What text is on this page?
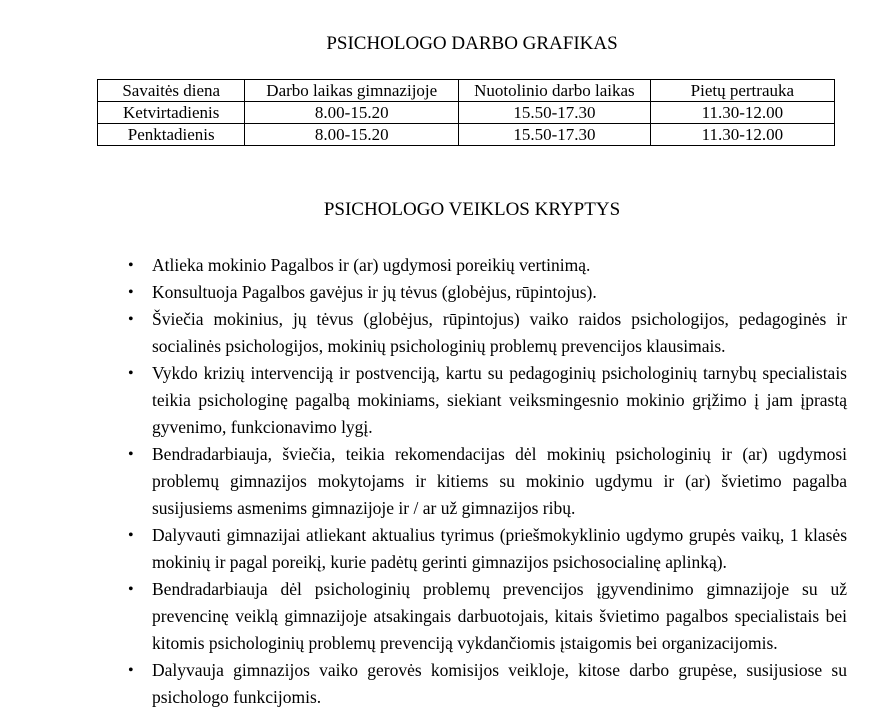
PSICHOLOGO DARBO GRAFIKAS
Savaitės diena	Darbo laikas gimnazijoje	Nuotolinio darbo laikas	Pietų pertrauka
Ketvirtadienis	8.00-15.20	15.50-17.30	11.30-12.00
Penktadienis	8.00-15.20	15.50-17.30	11.30-12.00
PSICHOLOGO VEIKLOS KRYPTYS
• Atlieka mokinio Pagalbos ir (ar) ugdymosi poreikių vertinimą.
• Konsultuoja Pagalbos gavėjus ir jų tėvus (globėjus, rūpintojus).
• Šviečia mokinius, jų tėvus (globėjus, rūpintojus) vaiko raidos psichologijos, pedagoginės ir socialinės psichologijos, mokinių psichologinių problemų prevencijos klausimais.
• Vykdo krizių intervenciją ir postvenciją, kartu su pedagoginių psichologinių tarnybų specialistais teikia psichologinę pagalbą mokiniams, siekiant veiksmingesnio mokinio grįžimo į jam įprastą gyvenimo, funkcionavimo lygį.
• Bendradarbiauja, šviečia, teikia rekomendacijas dėl mokinių psichologinių ir (ar) ugdymosi problemų gimnazijos mokytojams ir kitiems su mokinio ugdymu ir (ar) švietimo pagalba susijusiems asmenims gimnazijoje ir / ar už gimnazijos ribų.
• Dalyvauti gimnazijai atliekant aktualius tyrimus (priešmokyklinio ugdymo grupės vaikų, 1 klasės mokinių ir pagal poreikį, kurie padėtų gerinti gimnazijos psichosocialinę aplinką).
• Bendradarbiauja dėl psichologinių problemų prevencijos įgyvendinimo gimnazijoje su už prevencinę veiklą gimnazijoje atsakingais darbuotojais, kitais švietimo pagalbos specialistais bei kitomis psichologinių problemų prevenciją vykdančiomis įstaigomis bei organizacijomis.
• Dalyvauja gimnazijos vaiko gerovės komisijos veikloje, kitose darbo grupėse, susijusiose su psichologo funkcijomis.
